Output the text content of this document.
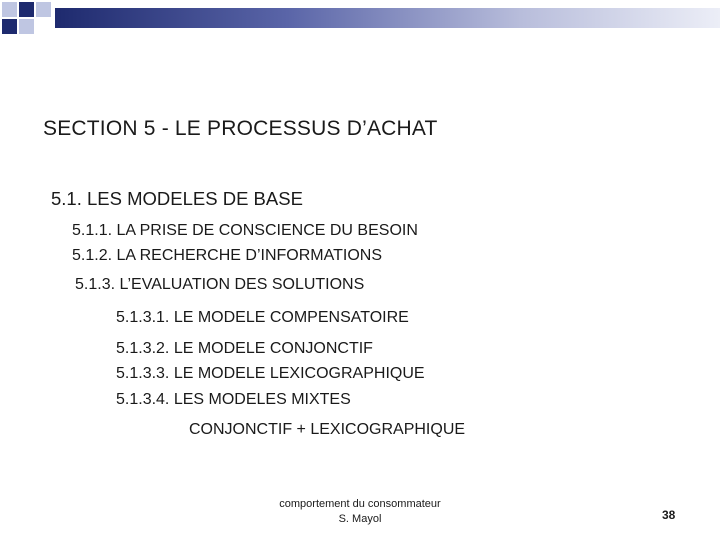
SECTION 5 - LE PROCESSUS D’ACHAT

5.1. LES MODELES DE BASE

5.1.1. LA PRISE DE CONSCIENCE DU BESOIN

5.1.2. LA RECHERCHE D’INFORMATIONS

5.1.3. L’EVALUATION DES SOLUTIONS

5.1.3.1. LE MODELE COMPENSATOIRE

5.1.3.2. LE MODELE CONJONCTIF

5.1.3.3. LE MODELE LEXICOGRAPHIQUE

5.1.3.4. LES MODELES MIXTES

CONJONCTIF + LEXICOGRAPHIQUE

comportement du consommateur
S. Mayol	38
